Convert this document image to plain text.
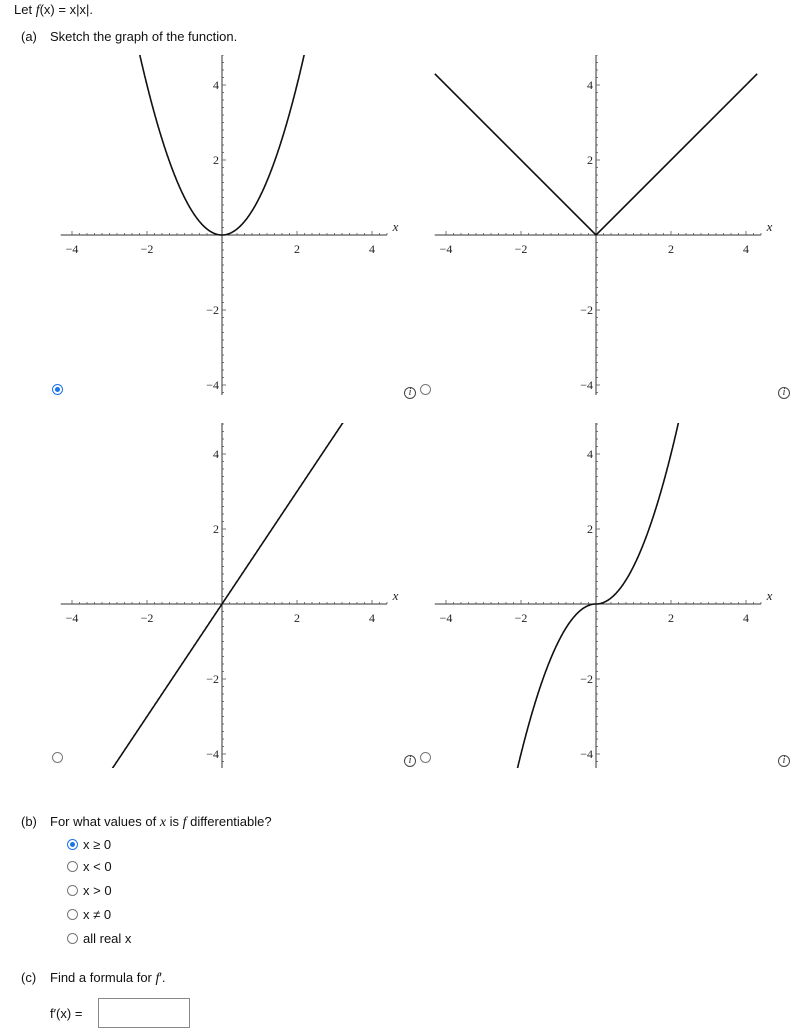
Let f(x) = x|x|.
(a) Sketch the graph of the function.
−4	−2	2	4
4
2
−2
−4
x
i
−4	−2	2	4
4
2
−2
−4
x
i
−4	−2	2	4
4
2
−2
−4
x
i
−4	−2	2	4
4
2
−2
−4
x
i
(b) For what values of x is f differentiable?
x ≥ 0
x < 0
x > 0
x ≠ 0
all real x
(c) Find a formula for f′.
f′(x) =
